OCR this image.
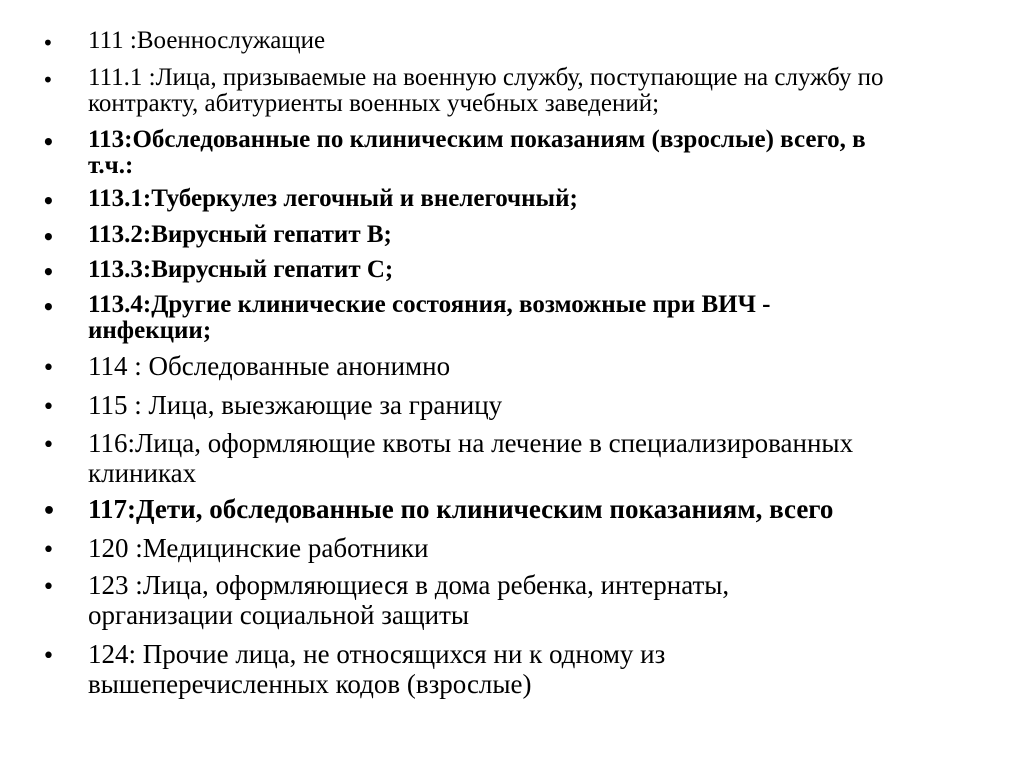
• 111 :Военнослужащие
• 111.1 :Лица, призываемые на военную службу, поступающие на службу по
контракту, абитуриенты военных учебных заведений;
• 113:Обследованные по клиническим показаниям (взрослые) всего, в
т.ч.:
• 113.1:Туберкулез легочный и внелегочный;
• 113.2:Вирусный гепатит В;
• 113.3:Вирусный гепатит С;
• 113.4:Другие клинические состояния, возможные при ВИЧ -
инфекции;
• 114 : Обследованные анонимно
• 115 : Лица, выезжающие за границу
• 116:Лица, оформляющие квоты на лечение в специализированных
клиниках
• 117:Дети, обследованные по клиническим показаниям, всего
• 120 :Медицинские работники
• 123 :Лица, оформляющиеся в дома ребенка, интернаты,
организации социальной защиты
• 124: Прочие лица, не относящихся ни к одному из
вышеперечисленных кодов (взрослые)
